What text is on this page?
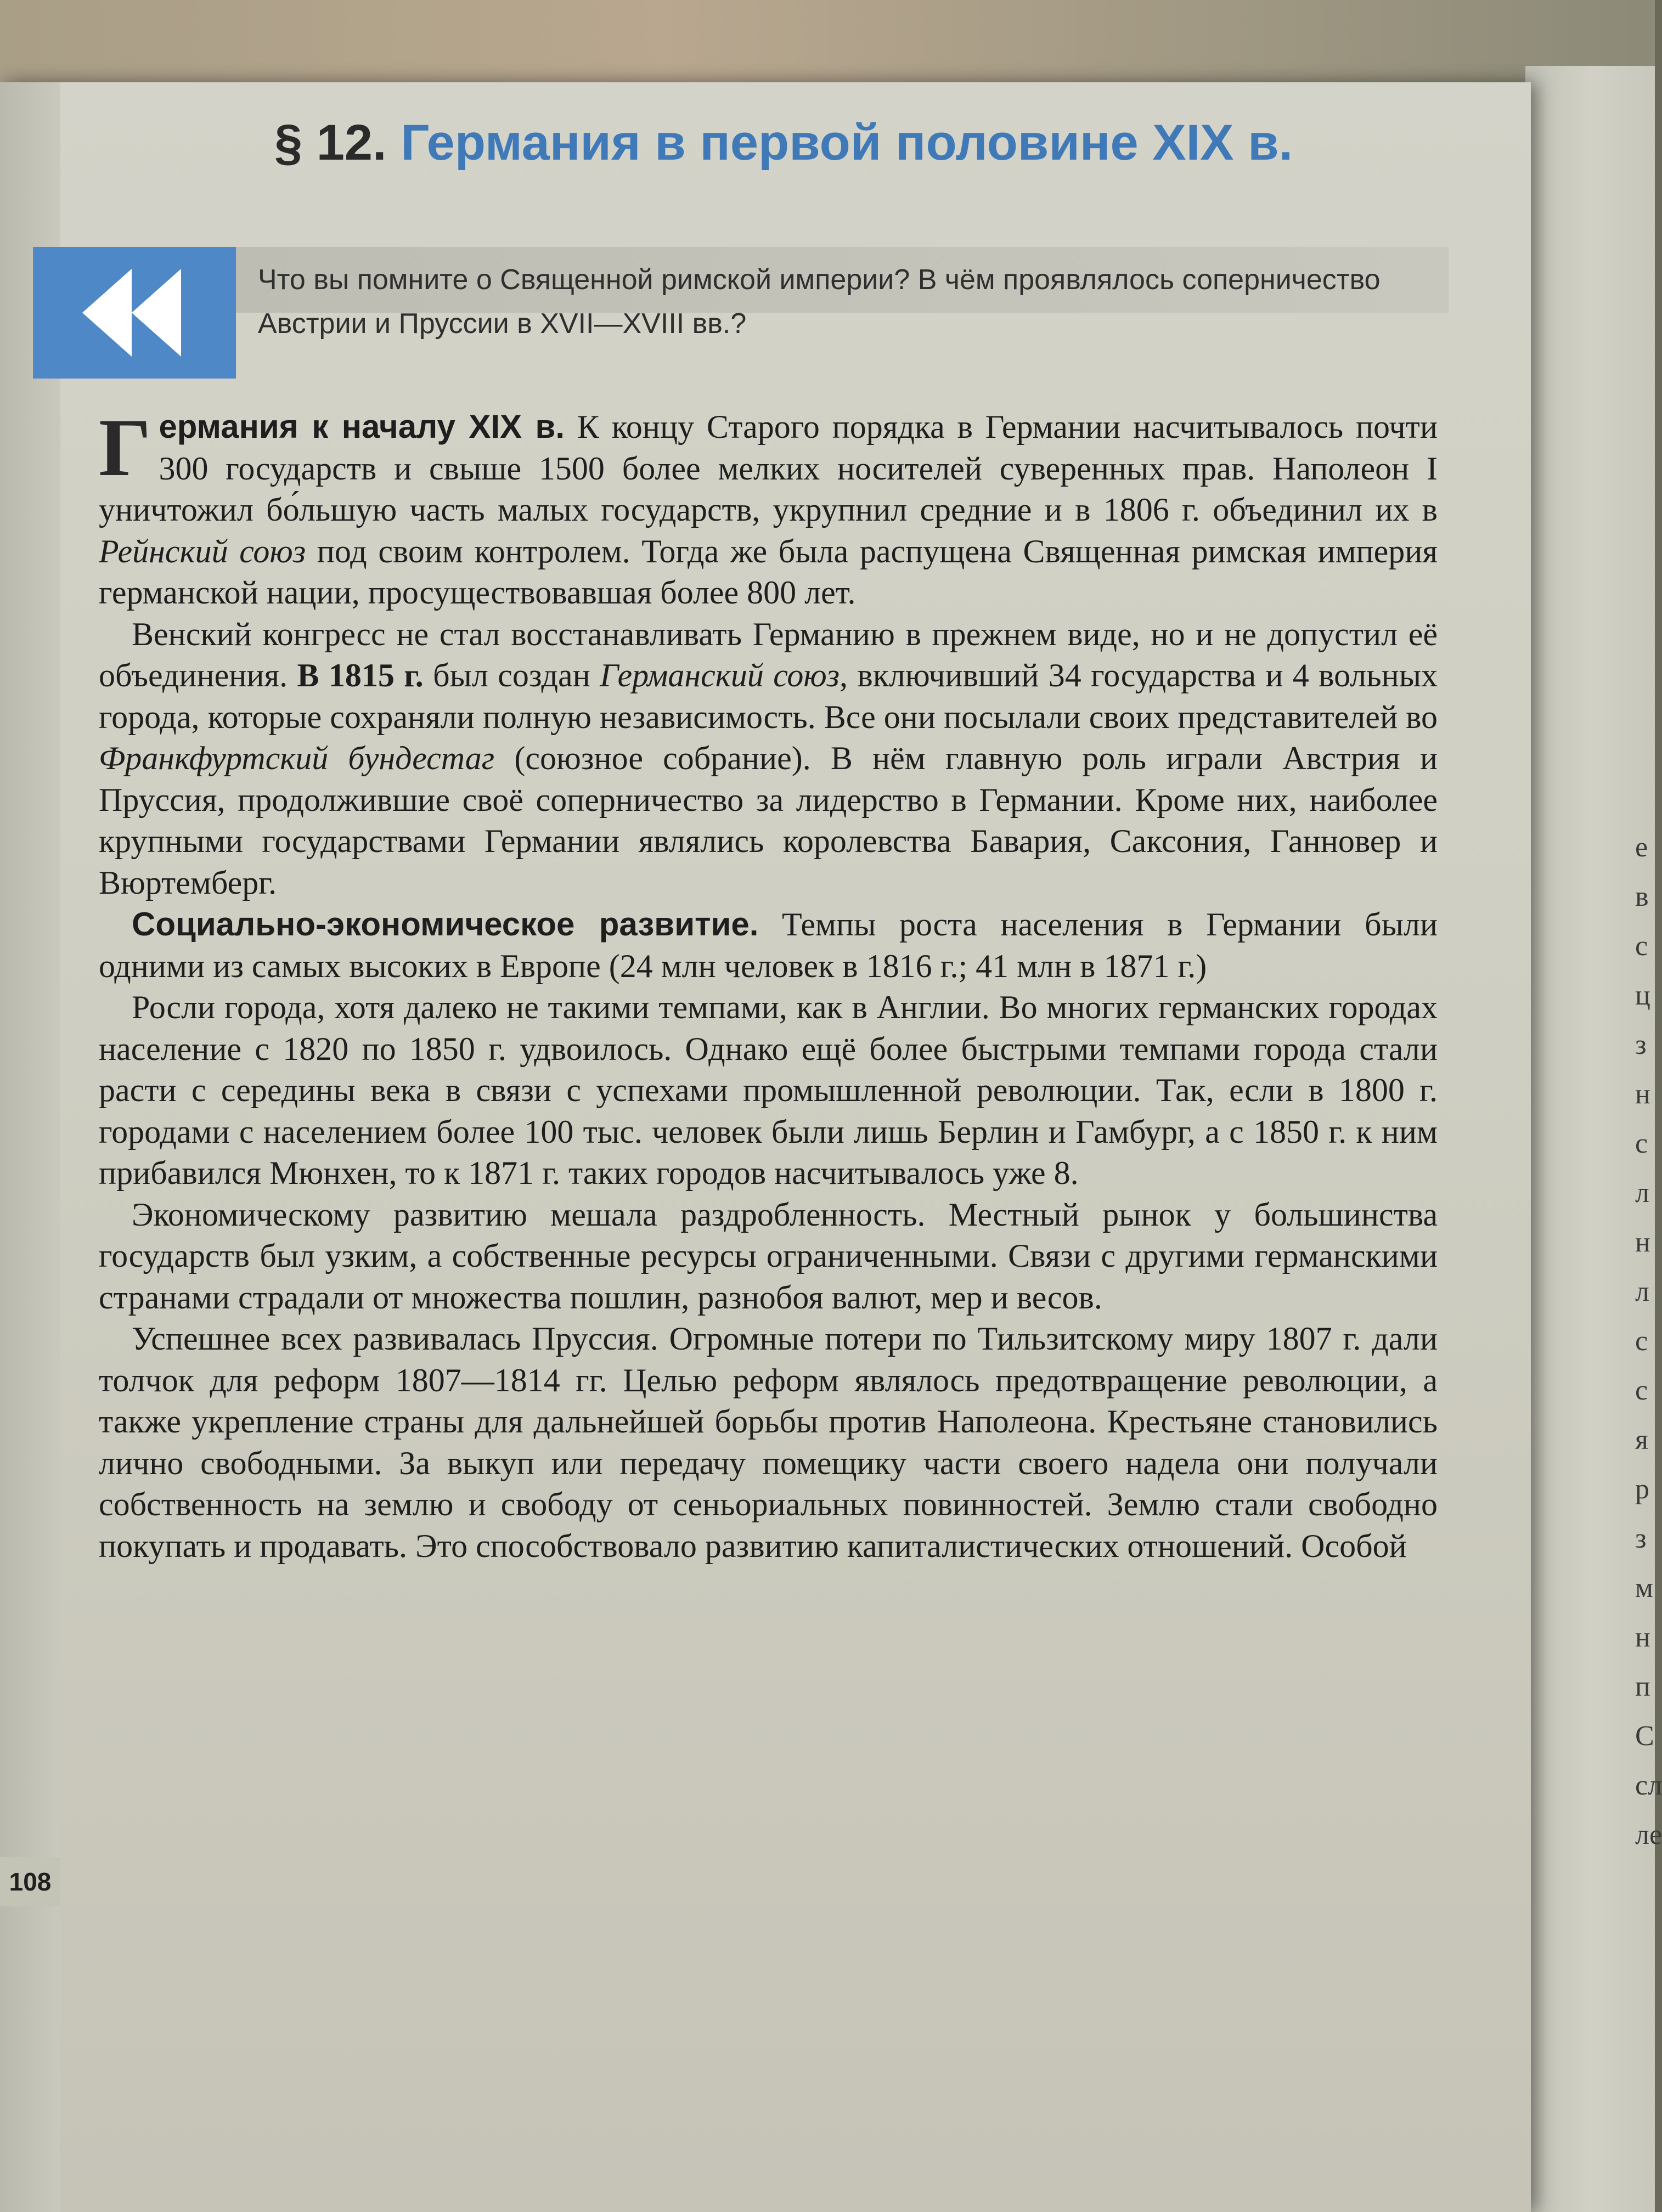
§ 12. Германия в первой половине XIX в.
Что вы помните о Священной римской империи? В чём проявлялось соперничество Австрии и Пруссии в XVII—XVIII вв.?

Германия к началу XIX в. К концу Старого порядка в Германии насчитывалось почти 300 государств и свыше 1500 более мелких носителей суверенных прав. Наполеон I уничтожил бо́льшую часть малых государств, укрупнил средние и в 1806 г. объединил их в Рейнский союз под своим контролем. Тогда же была распущена Священная римская империя германской нации, просуществовавшая более 800 лет.

Венский конгресс не стал восстанавливать Германию в прежнем виде, но и не допустил её объединения. В 1815 г. был создан Германский союз, включивший 34 государства и 4 вольных города, которые сохраняли полную независимость. Все они посылали своих представителей во Франкфуртский бундестаг (союзное собрание). В нём главную роль играли Австрия и Пруссия, продолжившие своё соперничество за лидерство в Германии. Кроме них, наиболее крупными государствами Германии являлись королевства Бавария, Саксония, Ганновер и Вюртемберг.

Социально-экономическое развитие. Темпы роста населения в Германии были одними из самых высоких в Европе (24 млн человек в 1816 г.; 41 млн в 1871 г.)

Росли города, хотя далеко не такими темпами, как в Англии. Во многих германских городах население с 1820 по 1850 г. удвоилось. Однако ещё более быстрыми темпами города стали расти с середины века в связи с успехами промышленной революции. Так, если в 1800 г. городами с населением более 100 тыс. человек были лишь Берлин и Гамбург, а с 1850 г. к ним прибавился Мюнхен, то к 1871 г. таких городов насчитывалось уже 8.

Экономическому развитию мешала раздробленность. Местный рынок у большинства государств был узким, а собственные ресурсы ограниченными. Связи с другими германскими странами страдали от множества пошлин, разнобоя валют, мер и весов.

Успешнее всех развивалась Пруссия. Огромные потери по Тильзитскому миру 1807 г. дали толчок для реформ 1807—1814 гг. Целью реформ являлось предотвращение революции, а также укрепление страны для дальнейшей борьбы против Наполеона. Крестьяне становились лично свободными. За выкуп или передачу помещику части своего надела они получали собственность на землю и свободу от сеньориальных повинностей. Землю стали свободно покупать и продавать. Это способствовало развитию капиталистических отношений. Особой

108
е
в
с
ц
з
н
с
л
н
л
с
с
я
р
з
м
н
п
С
сл
ле
